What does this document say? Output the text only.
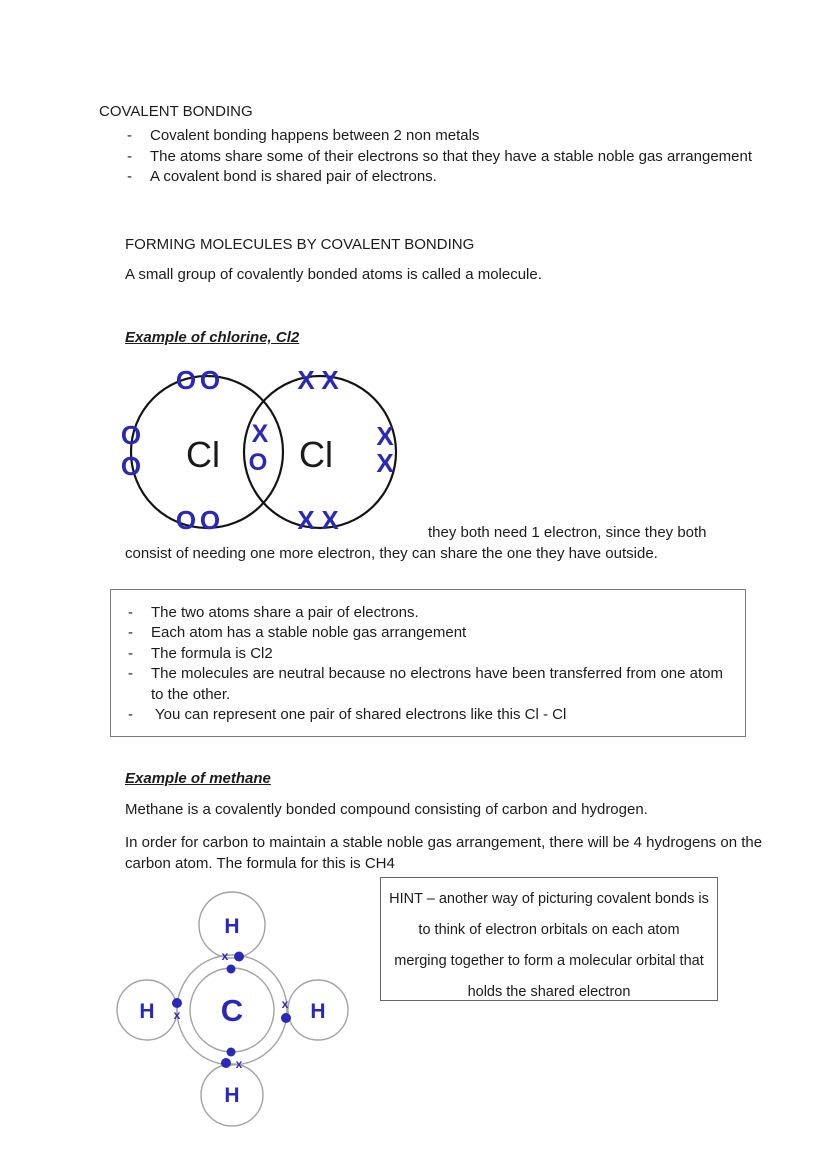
COVALENT BONDING
-	Covalent bonding happens between 2 non metals
-	The atoms share some of their electrons so that they have a stable noble gas arrangement
-	A covalent bond is shared pair of electrons.
FORMING MOLECULES BY COVALENT BONDING
A small group of covalently bonded atoms is called a molecule.
Example of chlorine, Cl2
Cl Cl
O O
O
O
O O
X X
X
X
X X
X
O
they both need 1 electron, since they both
consist of needing one more electron, they can share the one they have outside.
-	The two atoms share a pair of electrons.
-	Each atom has a stable noble gas arrangement
-	The formula is Cl2
-	The molecules are neutral because no electrons have been transferred from one atom to the other.
-	You can represent one pair of shared electrons like this Cl - Cl
Example of methane
Methane is a covalently bonded compound consisting of carbon and hydrogen.
In order for carbon to maintain a stable noble gas arrangement, there will be 4 hydrogens on the
carbon atom. The formula for this is CH4
HINT – another way of picturing covalent bonds is
to think of electron orbitals on each atom
merging together to form a molecular orbital that
holds the shared electron
C
H
H	H
H
x
x
x
x
